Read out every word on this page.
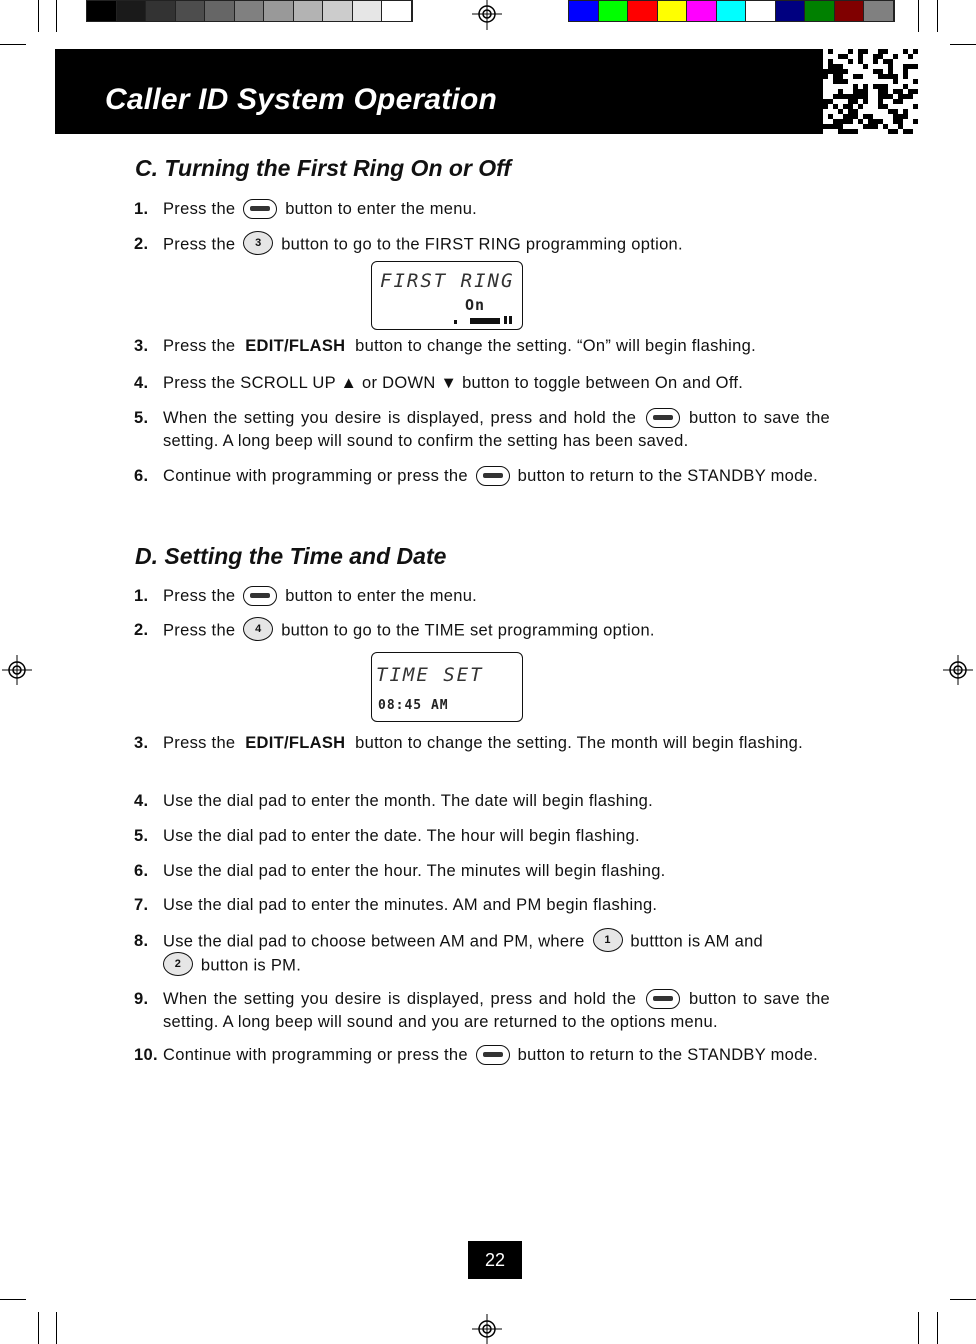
Caller ID System Operation
C. Turning the First Ring On or Off
1. Press the	button to enter the menu.
2. Press the 3 button to go to the FIRST RING programming option.
FIRST RING
On
3. Press the EDIT/FLASH button to change the setting. “On” will begin flashing.
4. Press the SCROLL UP ▲ or DOWN ▼ button to toggle between On and Off.
5. When the setting you desire is displayed, press and hold the	button to save the setting. A long beep will sound to confirm the setting has been saved.
6. Continue with programming or press the	button to return to the STANDBY mode.
D. Setting the Time and Date
1. Press the	button to enter the menu.
2. Press the 4 button to go to the TIME set programming option.
TIME SET
08:45 AM
3. Press the EDIT/FLASH button to change the setting. The month will begin flashing.
4. Use the dial pad to enter the month. The date will begin flashing.
5. Use the dial pad to enter the date. The hour will begin flashing.
6. Use the dial pad to enter the hour. The minutes will begin flashing.
7. Use the dial pad to enter the minutes. AM and PM begin flashing.
8. Use the dial pad to choose between AM and PM, where 1 buttton is AM and
2 button is PM.
9. When the setting you desire is displayed, press and hold the	button to save the setting. A long beep will sound and you are returned to the options menu.
10. Continue with programming or press the	button to return to the STANDBY mode.
22
